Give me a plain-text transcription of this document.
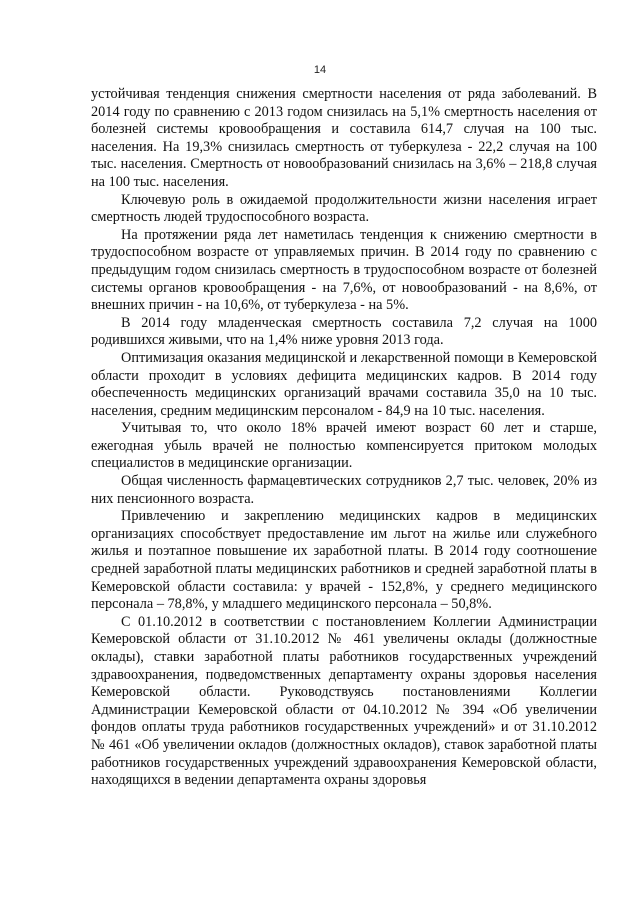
14

устойчивая тенденция снижения смертности населения от ряда заболеваний. В 2014 году по сравнению с 2013 годом снизилась на 5,1% смертность населения от болезней системы кровообращения и составила 614,7 случая на 100 тыс. населения. На 19,3% снизилась смертность от туберкулеза - 22,2 случая на 100 тыс. населения. Смертность от новообразований снизилась на 3,6% – 218,8 случая на 100 тыс. населения.

Ключевую роль в ожидаемой продолжительности жизни населения играет смертность людей трудоспособного возраста.

На протяжении ряда лет наметилась тенденция к снижению смертности в трудоспособном возрасте от управляемых причин. В 2014 году по сравнению с предыдущим годом снизилась смертность в трудоспособном возрасте от болезней системы органов кровообращения - на 7,6%, от новообразований - на 8,6%, от внешних причин - на 10,6%, от туберкулеза - на 5%.

В 2014 году младенческая смертность составила 7,2 случая на 1000 родившихся живыми, что на 1,4% ниже уровня 2013 года.

Оптимизация оказания медицинской и лекарственной помощи в Кемеровской области проходит в условиях дефицита медицинских кадров. В 2014 году обеспеченность медицинских организаций врачами составила 35,0 на 10 тыс. населения, средним медицинским персоналом - 84,9 на 10 тыс. населения.

Учитывая то, что около 18% врачей имеют возраст 60 лет и старше, ежегодная убыль врачей не полностью компенсируется притоком молодых специалистов в медицинские организации.

Общая численность фармацевтических сотрудников 2,7 тыс. человек, 20% из них пенсионного возраста.

Привлечению и закреплению медицинских кадров в медицинских организациях способствует предоставление им льгот на жилье или служебного жилья и поэтапное повышение их заработной платы. В 2014 году соотношение средней заработной платы медицинских работников и средней заработной платы в Кемеровской области составила: у врачей - 152,8%, у среднего медицинского персонала – 78,8%, у младшего медицинского персонала – 50,8%.

С 01.10.2012 в соответствии с постановлением Коллегии Администрации Кемеровской области от 31.10.2012 № 461 увеличены оклады (должностные оклады), ставки заработной платы работников государственных учреждений здравоохранения, подведомственных департаменту охраны здоровья населения Кемеровской области. Руководствуясь постановлениями Коллегии Администрации Кемеровской области от 04.10.2012 № 394 «Об увеличении фондов оплаты труда работников государственных учреждений» и от 31.10.2012 № 461 «Об увеличении окладов (должностных окладов), ставок заработной платы работников государственных учреждений здравоохранения Кемеровской области, находящихся в ведении департамента охраны здоровья
